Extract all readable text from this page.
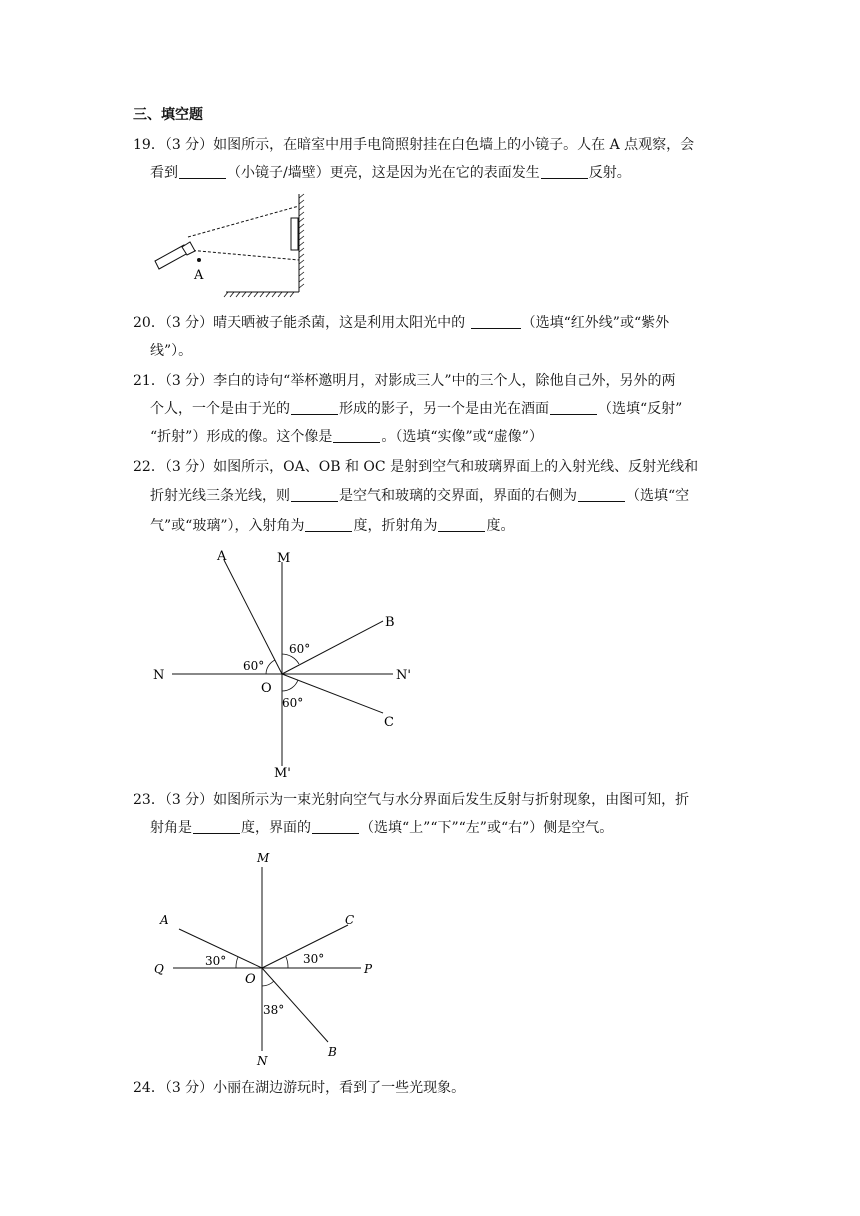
三、填空题
19．（3 分）如图所示，在暗室中用手电筒照射挂在白色墙上的小镜子。人在 A 点观察，会
看到	（小镜子/墙壁）更亮，这是因为光在它的表面发生	反射。
A
20．（3 分）晴天晒被子能杀菌，这是利用太阳光中的	（选填“红外线”或“紫外
线”）。
21．（3 分）李白的诗句“举杯邀明月，对影成三人”中的三个人，除他自己外，另外的两
个人，一个是由于光的	形成的影子，另一个是由光在酒面	（选填“反射”
“折射”）形成的像。这个像是	。（选填“实像”或“虚像”）
22．（3 分）如图所示，OA、OB 和 OC 是射到空气和玻璃界面上的入射光线、反射光线和
折射光线三条光线，则	是空气和玻璃的交界面，界面的右侧为	（选填“空
气”或“玻璃”），入射角为	度，折射角为	度。
A	M
B
N	N'
O
C
M'
60°
60°
60°
23．（3 分）如图所示为一束光射向空气与水分界面后发生反射与折射现象，由图可知，折
射角是	度，界面的	（选填“上”“下”“左”或“右”）侧是空气。
M
A	C
Q
O
P
N
B
30°	30°
38°
24．（3 分）小丽在湖边游玩时，看到了一些光现象。
